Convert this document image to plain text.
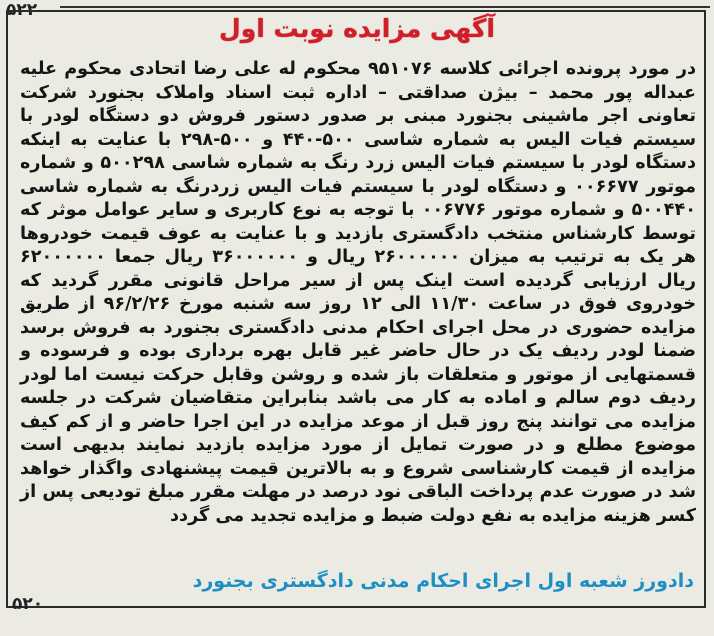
۵۲۲
آگهی مزایده نوبت اول
در مورد پرونده اجرائی کلاسه ۹۵۱۰۷۶ محکوم له علی رضا اتحادی محکوم علیه عبداله پور محمد – بیژن صداقتی – اداره ثبت اسناد واملاک بجنورد شرکت تعاونی اجر ماشینی بجنورد مبنی بر صدور دستور فروش دو دستگاه لودر با سیستم فیات الیس به شماره شاسی ۵۰۰-۴۴۰ و ۵۰۰-۲۹۸ با عنایت به اینکه دستگاه لودر با سیستم فیات الیس زرد رنگ به شماره شاسی ۵۰۰۲۹۸ و شماره موتور ۰۰۶۶۷۷ و دستگاه لودر با سیستم فیات الیس زردرنگ به شماره شاسی ۵۰۰۴۴۰ و شماره موتور ۰۰۶۷۷۶ با توجه به نوع کاربری و سایر عوامل موثر که توسط کارشناس منتخب دادگستری بازدید و با عنایت به عوف قیمت خودروها هر یک به ترتیب به میزان ۲۶۰۰۰۰۰۰ ریال و ۳۶۰۰۰۰۰۰ ریال جمعا ۶۲۰۰۰۰۰۰ ریال ارزیابی گردیده است اینک پس از سیر مراحل قانونی مقرر گردید که خودروی فوق در ساعت ۱۱/۳۰ الی ۱۲ روز سه شنبه مورخ ۹۶/۲/۲۶ از طریق مزایده حضوری در محل اجرای احکام مدنی دادگستری بجنورد به فروش برسد ضمنا لودر ردیف یک در حال حاضر غیر قابل بهره برداری بوده و فرسوده و قسمتهایی از موتور و متعلقات باز شده و روشن وقابل حرکت نیست اما لودر ردیف دوم سالم و اماده به کار می باشد بنابراین متقاضیان شرکت در جلسه مزایده می توانند پنج روز قبل از موعد مزایده در این اجرا حاضر و از کم کیف موضوع مطلع و در صورت تمایل از مورد مزایده بازدید نمایند بدیهی است مزایده از قیمت کارشناسی شروع و به بالاترین قیمت پیشنهادی واگذار خواهد شد در صورت عدم پرداخت الباقی نود درصد در مهلت مقرر مبلغ تودیعی پس از کسر هزینه مزایده به نفع دولت ضبط و مزایده تجدید می گردد
دادورز شعبه اول اجرای احکام مدنی دادگستری بجنورد
۵۲۰
